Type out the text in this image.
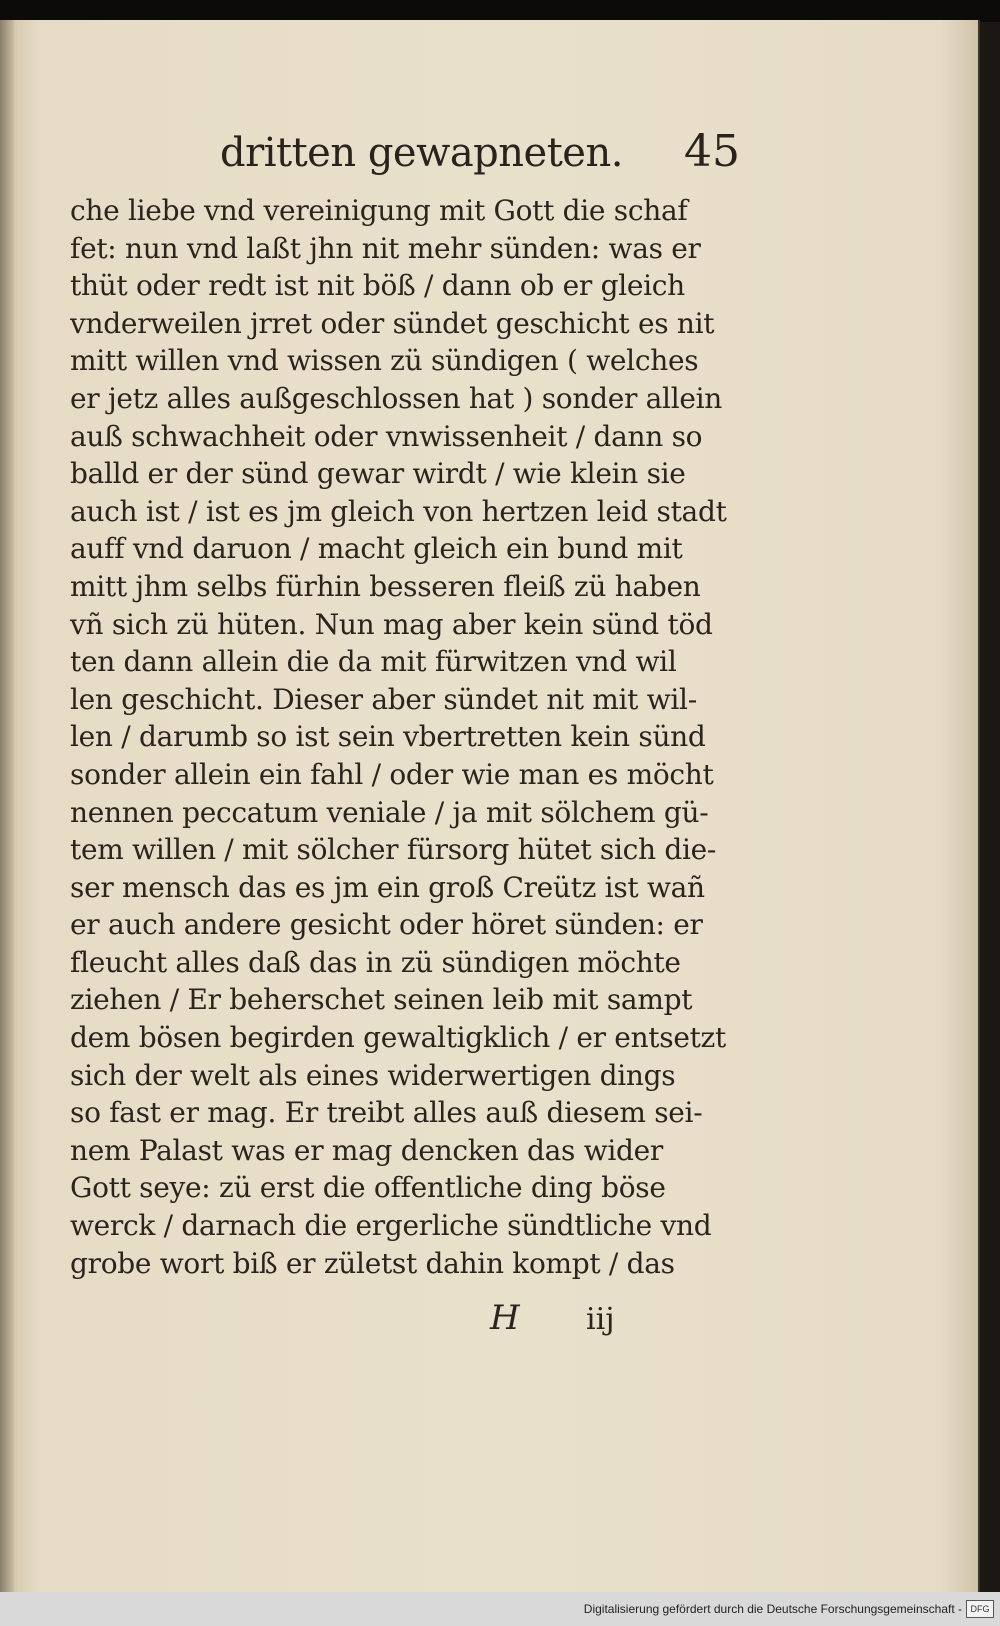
dritten gewapneten. 45
che liebe vnd vereinigung mit Gott die schaf
fet: nun vnd laßt jhn nit mehr sünden: was er
thüt oder redt ist nit böß / dann ob er gleich
vnderweilen jrret oder sündet geschicht es nit
mitt willen vnd wissen zü sündigen ( welches
er jetz alles außgeschlossen hat ) sonder allein
auß schwachheit oder vnwissenheit / dann so
balld er der sünd gewar wirdt / wie klein sie
auch ist / ist es jm gleich von hertzen leid stadt
auff vnd daruon / macht gleich ein bund mit
mitt jhm selbs fürhin besseren fleiß zü haben
vñ sich zü hüten. Nun mag aber kein sünd töd
ten dann allein die da mit fürwitzen vnd wil
len geschicht. Dieser aber sündet nit mit wil-
len / darumb so ist sein vbertretten kein sünd
sonder allein ein fahl / oder wie man es möcht
nennen peccatum veniale / ja mit sölchem gü-
tem willen / mit sölcher fürsorg hütet sich die-
ser mensch das es jm ein groß Creütz ist wañ
er auch andere gesicht oder höret sünden: er
fleucht alles daß das in zü sündigen möchte
ziehen / Er beherschet seinen leib mit sampt
dem bösen begirden gewaltigklich / er entsetzt
sich der welt als eines widerwertigen dings
so fast er mag. Er treibt alles auß diesem sei-
nem Palast was er mag dencken das wider
Gott seye: zü erst die offentliche ding böse
werck / darnach die ergerliche sündtliche vnd
grobe wort biß er zületst dahin kompt / das
H iij
Digitalisierung gefördert durch die Deutsche Forschungsgemeinschaft - DFG
